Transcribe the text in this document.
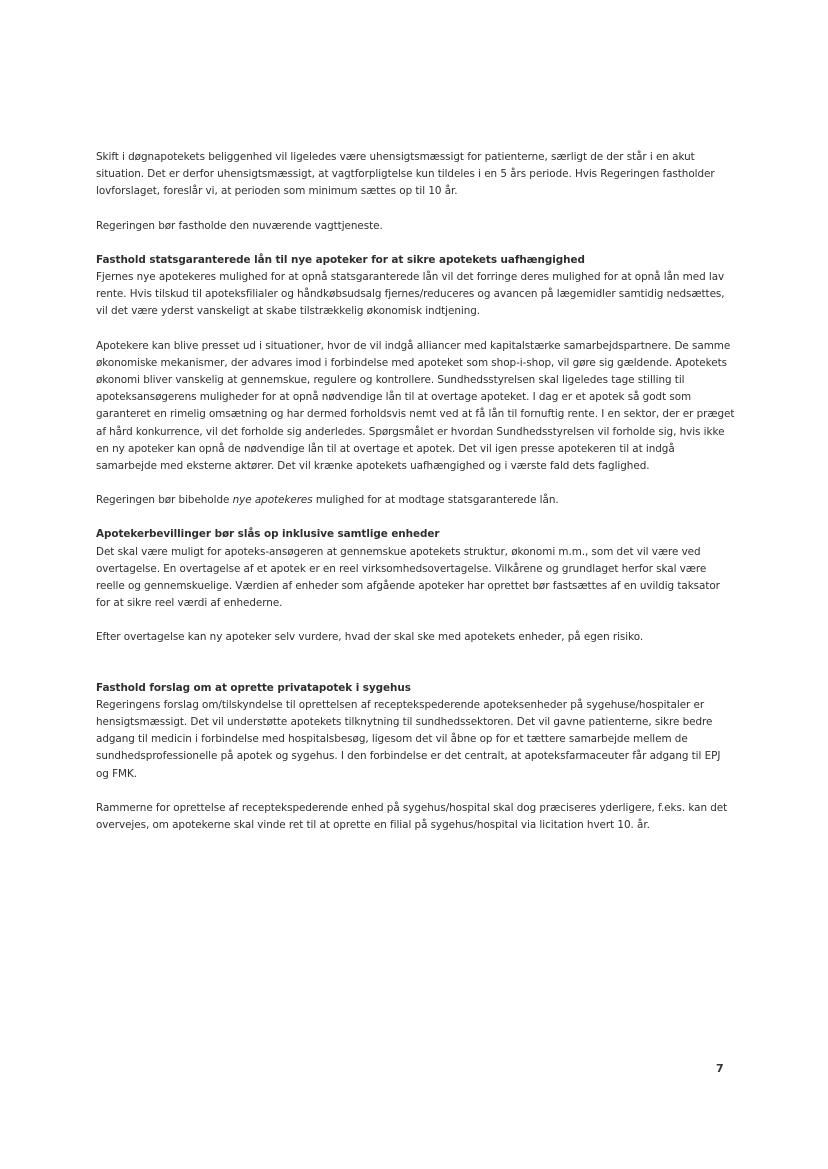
Skift i døgnapotekets beliggenhed vil ligeledes være uhensigtsmæssigt for patienterne, særligt de der står i en akut situation. Det er derfor uhensigtsmæssigt, at vagtforpligtelse kun tildeles i en 5 års periode. Hvis Regeringen fastholder lovforslaget, foreslår vi, at perioden som minimum sættes op til 10 år.

Regeringen bør fastholde den nuværende vagttjeneste.

Fasthold statsgaranterede lån til nye apoteker for at sikre apotekets uafhængighed
Fjernes nye apotekeres mulighed for at opnå statsgaranterede lån vil det forringe deres mulighed for at opnå lån med lav rente. Hvis tilskud til apoteksfilialer og håndkøbsudsalg fjernes/reduceres og avancen på lægemidler samtidig nedsættes, vil det være yderst vanskeligt at skabe tilstrækkelig økonomisk indtjening.

Apotekere kan blive presset ud i situationer, hvor de vil indgå alliancer med kapitalstærke samarbejdspartnere. De samme økonomiske mekanismer, der advares imod i forbindelse med apoteket som shop-i-shop, vil gøre sig gældende. Apotekets økonomi bliver vanskelig at gennemskue, regulere og kontrollere. Sundhedsstyrelsen skal ligeledes tage stilling til apoteksansøgerens muligheder for at opnå nødvendige lån til at overtage apoteket. I dag er et apotek så godt som garanteret en rimelig omsætning og har dermed forholdsvis nemt ved at få lån til fornuftig rente. I en sektor, der er præget af hård konkurrence, vil det forholde sig anderledes. Spørgsmålet er hvordan Sundhedsstyrelsen vil forholde sig, hvis ikke en ny apoteker kan opnå de nødvendige lån til at overtage et apotek. Det vil igen presse apotekeren til at indgå samarbejde med eksterne aktører. Det vil krænke apotekets uafhængighed og i værste fald dets faglighed.

Regeringen bør bibeholde nye apotekeres mulighed for at modtage statsgaranterede lån.

Apotekerbevillinger bør slås op inklusive samtlige enheder
Det skal være muligt for apoteks-ansøgeren at gennemskue apotekets struktur, økonomi m.m., som det vil være ved overtagelse. En overtagelse af et apotek er en reel virksomhedsovertagelse. Vilkårene og grundlaget herfor skal være reelle og gennemskuelige. Værdien af enheder som afgående apoteker har oprettet bør fastsættes af en uvildig taksator for at sikre reel værdi af enhederne.

Efter overtagelse kan ny apoteker selv vurdere, hvad der skal ske med apotekets enheder, på egen risiko.

Fasthold forslag om at oprette privatapotek i sygehus
Regeringens forslag om/tilskyndelse til oprettelsen af receptekspederende apoteksenheder på sygehuse/hospitaler er hensigtsmæssigt. Det vil understøtte apotekets tilknytning til sundhedssektoren. Det vil gavne patienterne, sikre bedre adgang til medicin i forbindelse med hospitalsbesøg, ligesom det vil åbne op for et tættere samarbejde mellem de sundhedsprofessionelle på apotek og sygehus. I den forbindelse er det centralt, at apoteksfarmaceuter får adgang til EPJ og FMK.

Rammerne for oprettelse af receptekspederende enhed på sygehus/hospital skal dog præciseres yderligere, f.eks. kan det overvejes, om apotekerne skal vinde ret til at oprette en filial på sygehus/hospital via licitation hvert 10. år.

7
